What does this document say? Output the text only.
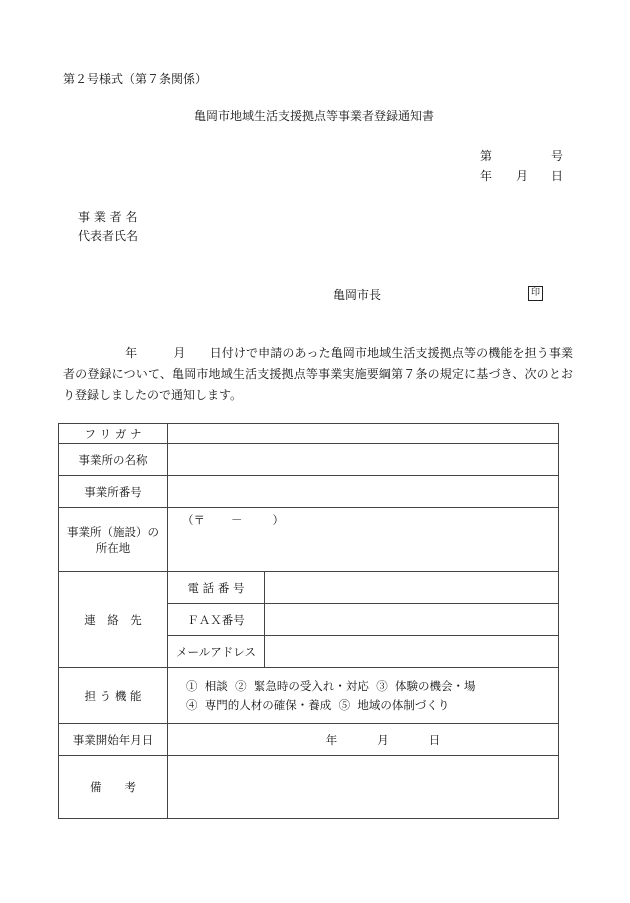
第２号様式（第７条関係）
亀岡市地域生活支援拠点等事業者登録通知書
第	号
年 月 日
事 業 者 名
代表者氏名
亀岡市長	印
年	月 日付けで申請のあった亀岡市地域生活支援拠点等の機能を担う事業者の登録について、亀岡市地域生活支援拠点等事業実施要綱第７条の規定に基づき、次のとおり登録しましたので通知します。
フ リ ガ ナ		
事業所の名称		
事業所番号		

事業所（施設）の
所在地	（〒 － ）	
連　絡　先	電 話 番 号	
	ＦＡＸ番号	
	メールアドレス	
担 う 機 能	①  相談  ②  緊急時の受入れ・対応  ③  体験の機会・場
④  専門的人材の確保・養成  ⑤  地域の体制づくり	

事業開始年月日	年 月 日	
備　　考		
